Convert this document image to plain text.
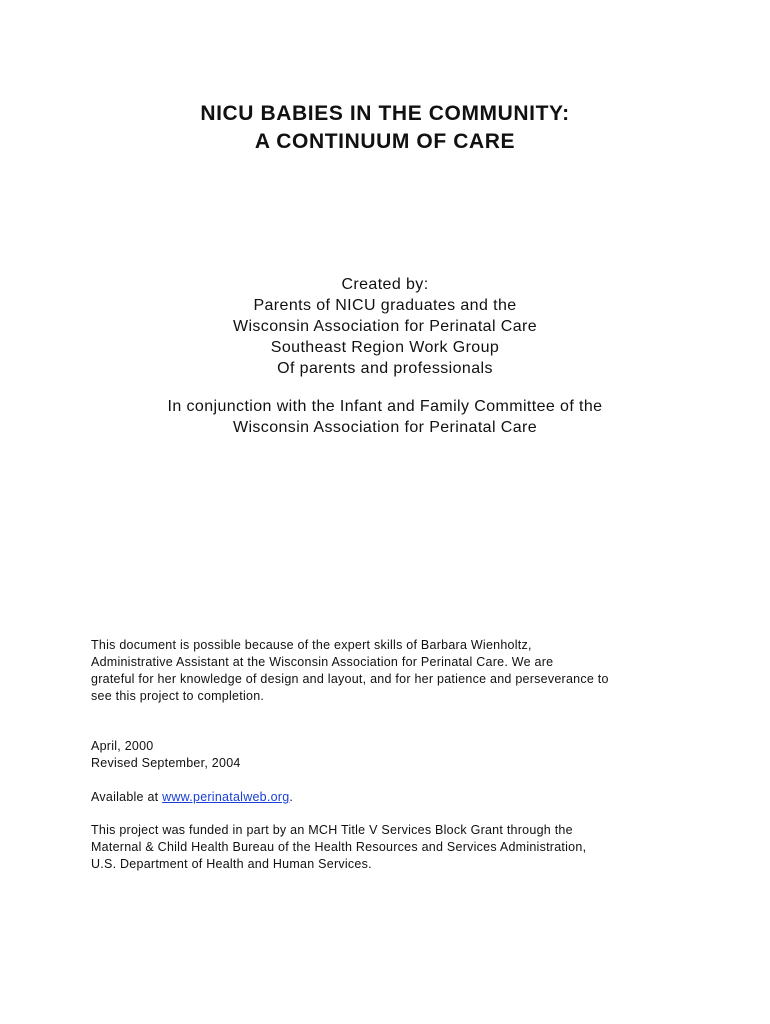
NICU BABIES IN THE COMMUNITY:
A CONTINUUM OF CARE
Created by:
Parents of NICU graduates and the
Wisconsin Association for Perinatal Care
Southeast Region Work Group
Of parents and professionals
In conjunction with the Infant and Family Committee of the
Wisconsin Association for Perinatal Care
This document is possible because of the expert skills of Barbara Wienholtz,
Administrative Assistant at the Wisconsin Association for Perinatal Care. We are
grateful for her knowledge of design and layout, and for her patience and perseverance to
see this project to completion.
April, 2000
Revised September, 2004
Available at www.perinatalweb.org.
This project was funded in part by an MCH Title V Services Block Grant through the
Maternal & Child Health Bureau of the Health Resources and Services Administration,
U.S. Department of Health and Human Services.
